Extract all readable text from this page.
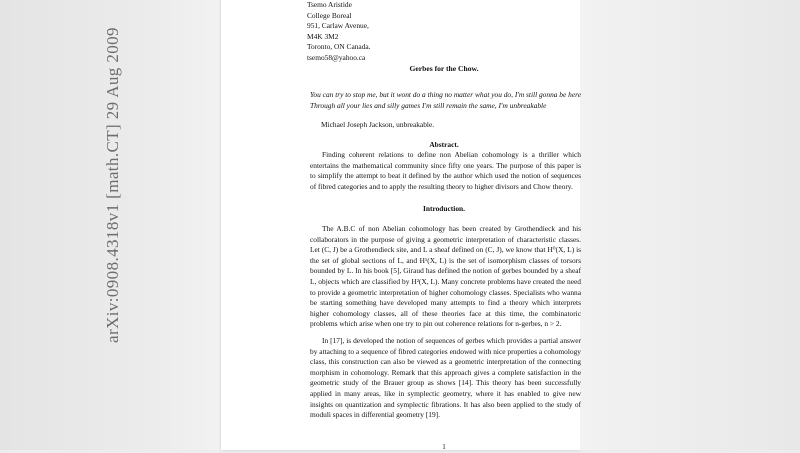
arXiv:0908.4318v1 [math.CT] 29 Aug 2009
Tsemo Aristide
College Boreal
951, Carlaw Avenue,
M4K 3M2
Toronto, ON Canada.
tsemo58@yahoo.ca
Gerbes for the Chow.
You can try to stop me, but it wont do a thing no matter what you do, I'm still gonna be here Through all your lies and silly games I'm still remain the same, I'm unbreakable
Michael Joseph Jackson, unbreakable.
Abstract.
Finding coherent relations to define non Abelian cohomology is a thriller which entertains the mathematical community since fifty one years. The purpose of this paper is to simplify the attempt to beat it defined by the author which used the notion of sequences of fibred categories and to apply the resulting theory to higher divisors and Chow theory.
Introduction.

The A.B.C of non Abelian cohomology has been created by Grothendieck and his collaborators in the purpose of giving a geometric interpretation of characteristic classes. Let (C, J) be a Grothendieck site, and L a sheaf defined on (C, J), we know that H⁰(X, L) is the set of global sections of L, and H¹(X, L) is the set of isomorphism classes of torsors bounded by L. In his book [5], Giraud has defined the notion of gerbes bounded by a sheaf L, objects which are classified by H²(X, L). Many concrete problems have created the need to provide a geometric interpretation of higher cohomology classes. Specialists who wanna be starting something have developed many attempts to find a theory which interprets higher cohomology classes, all of these theories face at this time, the combinatoric problems which arise when one try to pin out coherence relations for n-gerbes, n > 2.

In [17], is developed the notion of sequences of gerbes which provides a partial answer by attaching to a sequence of fibred categories endowed with nice properties a cohomology class, this construction can also be viewed as a geometric interpretation of the connecting morphism in cohomology. Remark that this approach gives a complete satisfaction in the geometric study of the Brauer group as shows [14]. This theory has been successfully applied in many areas, like in symplectic geometry, where it has enabled to give new insights on quantization and symplectic fibrations. It has also been applied to the study of moduli spaces in differential geometry [19].

1
